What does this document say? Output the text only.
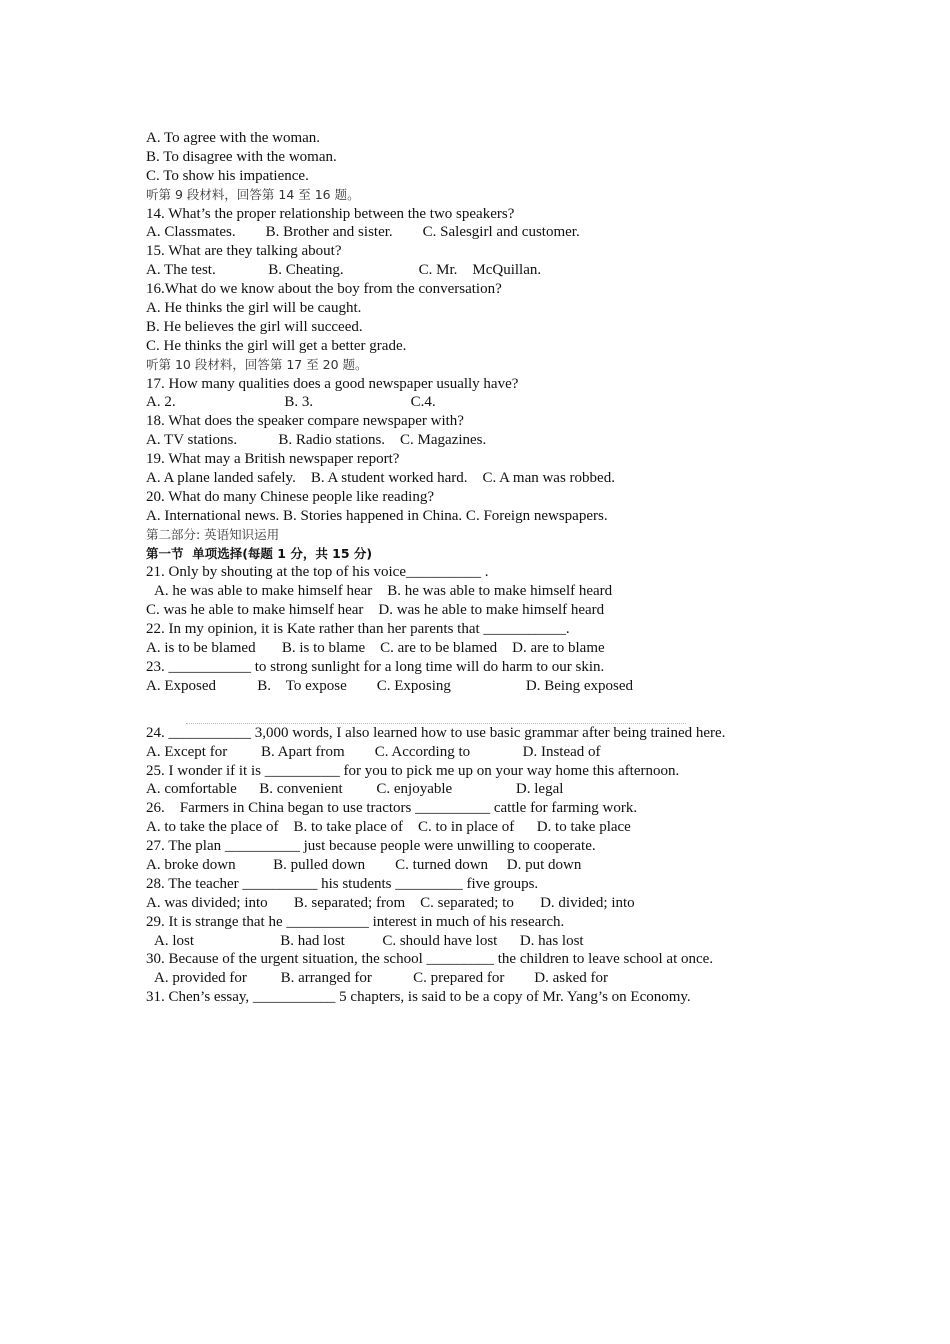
A. To agree with the woman.
B. To disagree with the woman.
C. To show his impatience.
听第 9 段材料，回答第 14 至 16 题。
14. What’s the proper relationship between the two speakers?
A. Classmates.        B. Brother and sister.        C. Salesgirl and customer.
15. What are they talking about?
A. The test.              B. Cheating.                    C. Mr.    McQuillan.
16.What do we know about the boy from the conversation?
A. He thinks the girl will be caught.
B. He believes the girl will succeed.
C. He thinks the girl will get a better grade.
听第 10 段材料，回答第 17 至 20 题。
17. How many qualities does a good newspaper usually have?
A. 2.                             B. 3.                          C.4.
18. What does the speaker compare newspaper with?
A. TV stations.           B. Radio stations.    C. Magazines.
19. What may a British newspaper report?
A. A plane landed safely.    B. A student worked hard.    C. A man was robbed.
20. What do many Chinese people like reading?
A. International news. B. Stories happened in China. C. Foreign newspapers.
第二部分: 英语知识运用
第一节  单项选择(每题 1 分，共 15 分)
21. Only by shouting at the top of his voice__________ .
A. he was able to make himself hear    B. he was able to make himself heard
C. was he able to make himself hear    D. was he able to make himself heard
22. In my opinion, it is Kate rather than her parents that ___________.
A. is to be blamed       B. is to blame    C. are to be blamed    D. are to blame
23. ___________ to strong sunlight for a long time will do harm to our skin.
A. Exposed           B.    To expose        C. Exposing                    D. Being exposed
24. ___________ 3,000 words, I also learned how to use basic grammar after being trained here.
A. Except for         B. Apart from        C. According to              D. Instead of
25. I wonder if it is __________ for you to pick me up on your way home this afternoon.
A. comfortable      B. convenient         C. enjoyable                 D. legal
26.    Farmers in China began to use tractors __________ cattle for farming work.
A. to take the place of    B. to take place of    C. to in place of      D. to take place
27. The plan __________ just because people were unwilling to cooperate.
A. broke down          B. pulled down        C. turned down     D. put down
28. The teacher __________ his students _________ five groups.
A. was divided; into       B. separated; from    C. separated; to       D. divided; into
29. It is strange that he ___________ interest in much of his research.
A. lost                       B. had lost          C. should have lost      D. has lost
30. Because of the urgent situation, the school _________ the children to leave school at once.
A. provided for         B. arranged for           C. prepared for        D. asked for
31. Chen’s essay, ___________ 5 chapters, is said to be a copy of Mr. Yang’s on Economy.
